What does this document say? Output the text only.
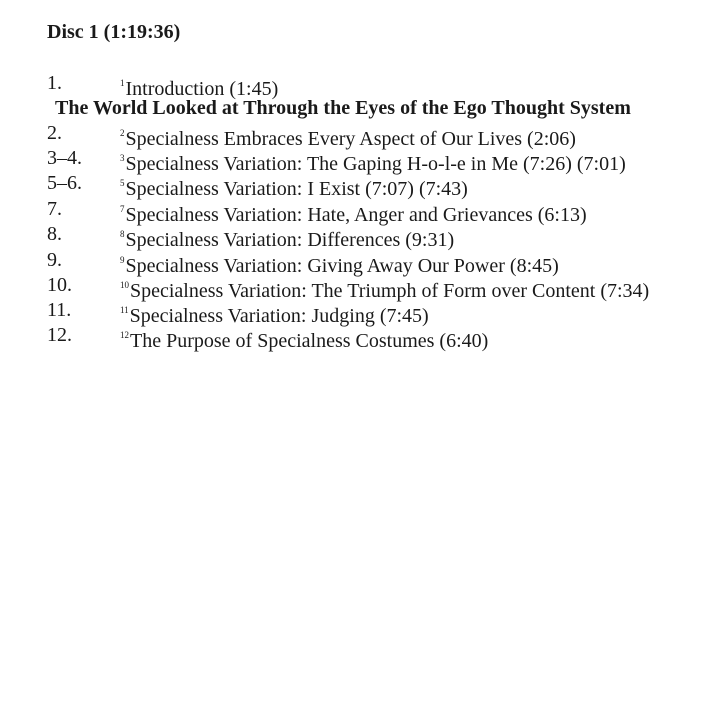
Disc 1 (1:19:36)
1.	$^1$Introduction (1:45)
The World Looked at Through the Eyes of the Ego Thought System
2.	$^2$Specialness Embraces Every Aspect of Our Lives (2:06)
3–4.	$^3$Specialness Variation: The Gaping H-o-l-e in Me (7:26) (7:01)
5–6.	$^5$Specialness Variation: I Exist (7:07) (7:43)
7.	$^7$Specialness Variation: Hate, Anger and Grievances (6:13)
8.	$^8$Specialness Variation: Differences (9:31)
9.	$^9$Specialness Variation: Giving Away Our Power (8:45)
10.	$^{10}$Specialness Variation: The Triumph of Form over Content (7:34)
11.	$^{11}$Specialness Variation: Judging (7:45)
12.	$^{12}$The Purpose of Specialness Costumes (6:40)
